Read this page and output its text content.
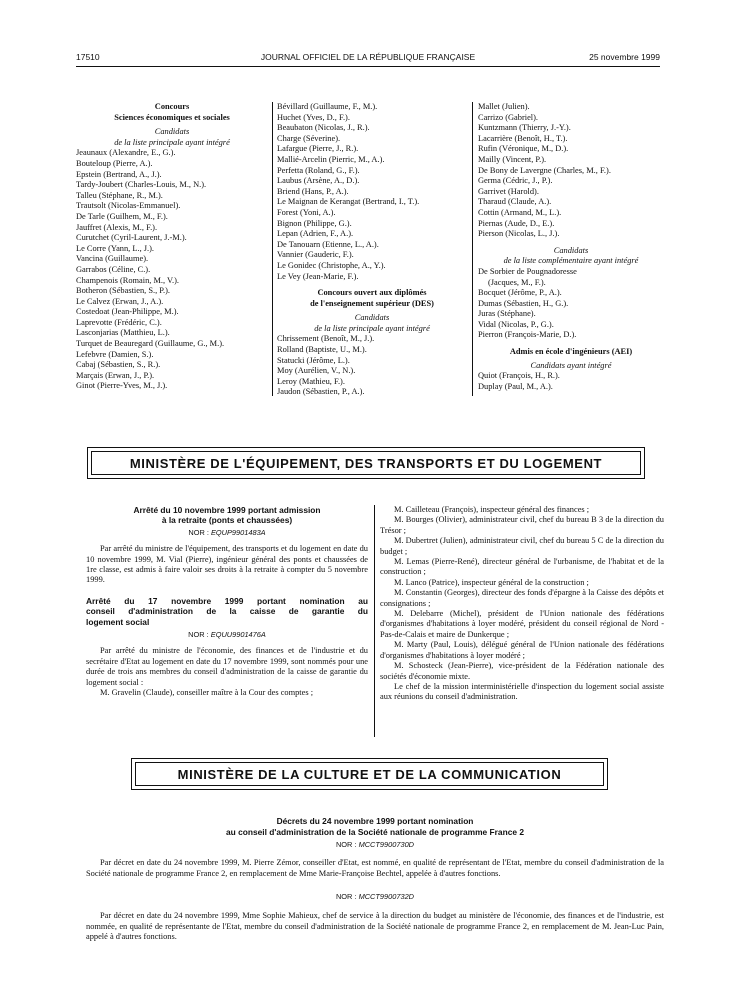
17510	JOURNAL OFFICIEL DE LA RÉPUBLIQUE FRANÇAISE	25 novembre 1999
Concours
Sciences économiques et sociales
Candidats
de la liste principale ayant intégré
Jeaunaux (Alexandre, E., G.).
Bouteloup (Pierre, A.).
Epstein (Bertrand, A., J.).
Tardy-Joubert (Charles-Louis, M., N.).
Talleu (Stéphane, R., M.).
Trautsolt (Nicolas-Emmanuel).
De Tarle (Guilhem, M., F.).
Jauffret (Alexis, M., F.).
Curutchet (Cyril-Laurent, J.-M.).
Le Corre (Yann, L., J.).
Vancina (Guillaume).
Garrabos (Céline, C.).
Champenois (Romain, M., V.).
Botheron (Sébastien, S., P.).
Le Calvez (Erwan, J., A.).
Costedoat (Jean-Philippe, M.).
Laprevotte (Frédéric, C.).
Lasconjarias (Matthieu, L.).
Turquet de Beauregard (Guillaume, G., M.).
Lefebvre (Damien, S.).
Cabaj (Sébastien, S., R.).
Marçais (Erwan, J., P.).
Ginot (Pierre-Yves, M., J.).
Bévillard (Guillaume, F., M.).
Huchet (Yves, D., F.).
Beaubaton (Nicolas, J., R.).
Charge (Séverine).
Lafargue (Pierre, J., R.).
Mallié-Arcelin (Pierric, M., A.).
Perfetta (Roland, G., F.).
Laubus (Arsène, A., D.).
Briend (Hans, P., A.).
Le Maignan de Kerangat (Bertrand, I., T.).
Forest (Yoni, A.).
Bignon (Philippe, G.).
Lepan (Adrien, F., A.).
De Tanouarn (Etienne, L., A.).
Vannier (Gauderic, F.).
Le Gonidec (Christophe, A., Y.).
Le Vey (Jean-Marie, F.).
Concours ouvert aux diplômés
de l'enseignement supérieur (DES)
Candidats
de la liste principale ayant intégré
Chrissement (Benoît, M., J.).
Rolland (Baptiste, U., M.).
Statucki (Jérôme, L.).
Moy (Aurélien, V., N.).
Leroy (Mathieu, F.).
Jaudon (Sébastien, P., A.).
Mallet (Julien).
Carrizo (Gabriel).
Kuntzmann (Thierry, J.-Y.).
Lacarrière (Benoît, H., T.).
Rufin (Véronique, M., D.).
Mailly (Vincent, P.).
De Bony de Lavergne (Charles, M., F.).
Germa (Cédric, J., P.).
Garrivet (Harold).
Tharaud (Claude, A.).
Cottin (Armand, M., L.).
Piernas (Aude, D., E.).
Pierson (Nicolas, L., J.).
Candidats
de la liste complémentaire ayant intégré
De Sorbier de Pougnadoresse
(Jacques, M., F.).
Bocquet (Jérôme, P., A.).
Dumas (Sébastien, H., G.).
Juras (Stéphane).
Vidal (Nicolas, P., G.).
Pierron (François-Marie, D.).
Admis en école d'ingénieurs (AEI)
Candidats ayant intégré
Quiot (François, H., R.).
Duplay (Paul, M., A.).
MINISTÈRE DE L'ÉQUIPEMENT, DES TRANSPORTS ET DU LOGEMENT
Arrêté du 10 novembre 1999 portant admission
à la retraite (ponts et chaussées)
NOR : EQUP9901483A
Par arrêté du ministre de l'équipement, des transports et du logement en date du 10 novembre 1999, M. Vial (Pierre), ingénieur général des ponts et chaussées de 1re classe, est admis à faire valoir ses droits à la retraite à compter du 5 novembre 1999.
Arrêté du 17 novembre 1999 portant nomination au
conseil d'administration de la caisse de garantie du
logement social
NOR : EQUU9901476A
Par arrêté du ministre de l'économie, des finances et de l'industrie et du secrétaire d'Etat au logement en date du 17 novembre 1999, sont nommés pour une durée de trois ans membres du conseil d'administration de la caisse de garantie du logement social :
M. Gravelin (Claude), conseiller maître à la Cour des comptes ;
M. Cailleteau (François), inspecteur général des finances ;
M. Bourges (Olivier), administrateur civil, chef du bureau B 3 de la direction du Trésor ;
M. Dubertret (Julien), administrateur civil, chef du bureau 5 C de la direction du budget ;
M. Lemas (Pierre-René), directeur général de l'urbanisme, de l'habitat et de la construction ;
M. Lanco (Patrice), inspecteur général de la construction ;
M. Constantin (Georges), directeur des fonds d'épargne à la Caisse des dépôts et consignations ;
M. Delebarre (Michel), président de l'Union nationale des fédérations d'organismes d'habitations à loyer modéré, président du conseil régional de Nord - Pas-de-Calais et maire de Dunkerque ;
M. Marty (Paul, Louis), délégué général de l'Union nationale des fédérations d'organismes d'habitations à loyer modéré ;
M. Schosteck (Jean-Pierre), vice-président de la Fédération nationale des sociétés d'économie mixte.
Le chef de la mission interministérielle d'inspection du logement social assiste aux réunions du conseil d'administration.
MINISTÈRE DE LA CULTURE ET DE LA COMMUNICATION
Décrets du 24 novembre 1999 portant nomination
au conseil d'administration de la Société nationale de programme France 2
NOR : MCCT9900730D
Par décret en date du 24 novembre 1999, M. Pierre Zémor, conseiller d'Etat, est nommé, en qualité de représentant de l'Etat, membre du conseil d'administration de la Société nationale de programme France 2, en remplacement de Mme Marie-Françoise Bechtel, appelée à d'autres fonctions.
NOR : MCCT9900732D
Par décret en date du 24 novembre 1999, Mme Sophie Mahieux, chef de service à la direction du budget au ministère de l'économie, des finances et de l'industrie, est nommée, en qualité de représentante de l'Etat, membre du conseil d'administration de la Société nationale de programme France 2, en remplacement de M. Jean-Luc Pain, appelé à d'autres fonctions.
